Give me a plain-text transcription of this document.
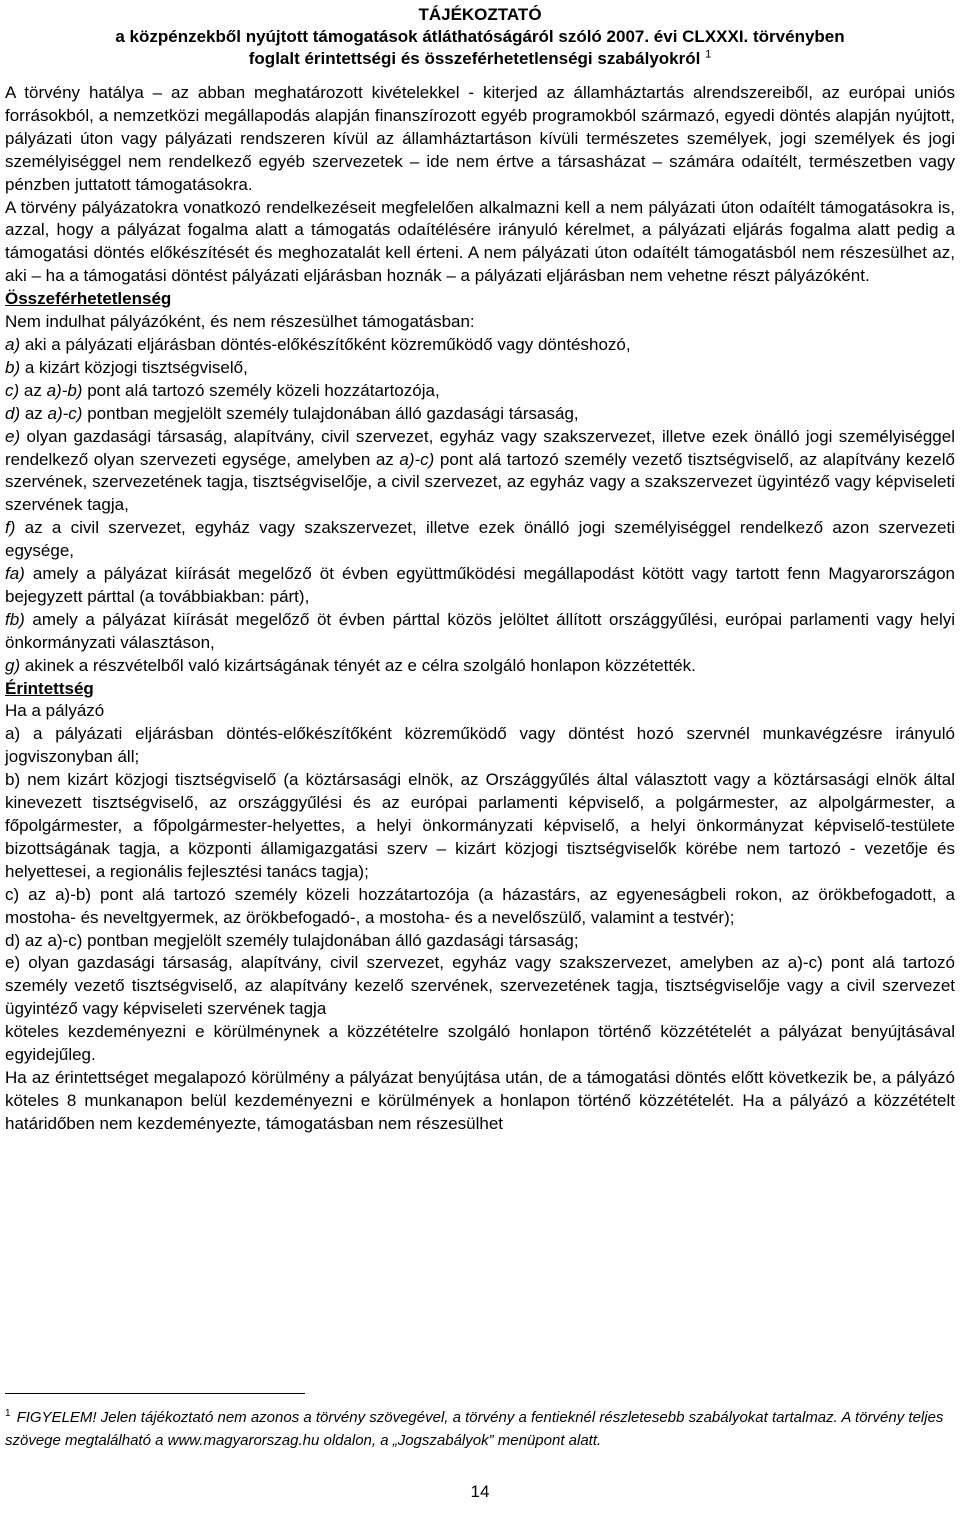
TÁJÉKOZTATÓ
a közpénzekből nyújtott támogatások átláthatóságáról szóló 2007. évi CLXXXI. törvényben
foglalt érintettségi és összeférhetetlenségi szabályokról $^1$

A törvény hatálya – az abban meghatározott kivételekkel - kiterjed az államháztartás alrendszereiből, az európai uniós forrásokból, a nemzetközi megállapodás alapján finanszírozott egyéb programokból származó, egyedi döntés alapján nyújtott, pályázati úton vagy pályázati rendszeren kívül az államháztartáson kívüli természetes személyek, jogi személyek és jogi személyiséggel nem rendelkező egyéb szervezetek – ide nem értve a társasházat – számára odaítélt, természetben vagy pénzben juttatott támogatásokra.

A törvény pályázatokra vonatkozó rendelkezéseit megfelelően alkalmazni kell a nem pályázati úton odaítélt támogatásokra is, azzal, hogy a pályázat fogalma alatt a támogatás odaítélésére irányuló kérelmet, a pályázati eljárás fogalma alatt pedig a támogatási döntés előkészítését és meghozatalát kell érteni. A nem pályázati úton odaítélt támogatásból nem részesülhet az, aki – ha a támogatási döntést pályázati eljárásban hoznák – a pályázati eljárásban nem vehetne részt pályázóként.

Összeférhetetlenség

Nem indulhat pályázóként, és nem részesülhet támogatásban:

a) aki a pályázati eljárásban döntés-előkészítőként közreműködő vagy döntéshozó,

b) a kizárt közjogi tisztségviselő,

c) az a)-b) pont alá tartozó személy közeli hozzátartozója,

d) az a)-c) pontban megjelölt személy tulajdonában álló gazdasági társaság,

e) olyan gazdasági társaság, alapítvány, civil szervezet, egyház vagy szakszervezet, illetve ezek önálló jogi személyiséggel rendelkező olyan szervezeti egysége, amelyben az a)-c) pont alá tartozó személy vezető tisztségviselő, az alapítvány kezelő szervének, szervezetének tagja, tisztségviselője, a civil szervezet, az egyház vagy a szakszervezet ügyintéző vagy képviseleti szervének tagja,

f) az a civil szervezet, egyház vagy szakszervezet, illetve ezek önálló jogi személyiséggel rendelkező azon szervezeti egysége,

fa) amely a pályázat kiírását megelőző öt évben együttműködési megállapodást kötött vagy tartott fenn Magyarországon bejegyzett párttal (a továbbiakban: párt),

fb) amely a pályázat kiírását megelőző öt évben párttal közös jelöltet állított országgyűlési, európai parlamenti vagy helyi önkormányzati választáson,

g) akinek a részvételből való kizártságának tényét az e célra szolgáló honlapon közzétették.

Érintettség

Ha a pályázó

a) a pályázati eljárásban döntés-előkészítőként közreműködő vagy döntést hozó szervnél munkavégzésre irányuló jogviszonyban áll;

b) nem kizárt közjogi tisztségviselő (a köztársasági elnök, az Országgyűlés által választott vagy a köztársasági elnök által kinevezett tisztségviselő, az országgyűlési és az európai parlamenti képviselő, a polgármester, az alpolgármester, a főpolgármester, a főpolgármester-helyettes, a helyi önkormányzati képviselő, a helyi önkormányzat képviselő-testülete bizottságának tagja, a központi államigazgatási szerv – kizárt közjogi tisztségviselők körébe nem tartozó - vezetője és helyettesei, a regionális fejlesztési tanács tagja);

c) az a)-b) pont alá tartozó személy közeli hozzátartozója (a házastárs, az egyeneságbeli rokon, az örökbefogadott, a mostoha- és neveltgyermek, az örökbefogadó-, a mostoha- és a nevelőszülő, valamint a testvér);

d) az a)-c) pontban megjelölt személy tulajdonában álló gazdasági társaság;

e) olyan gazdasági társaság, alapítvány, civil szervezet, egyház vagy szakszervezet, amelyben az a)-c) pont alá tartozó személy vezető tisztségviselő, az alapítvány kezelő szervének, szervezetének tagja, tisztségviselője vagy a civil szervezet ügyintéző vagy képviseleti szervének tagja

köteles kezdeményezni e körülménynek a közzétételre szolgáló honlapon történő közzétételét a pályázat benyújtásával egyidejűleg.

Ha az érintettséget megalapozó körülmény a pályázat benyújtása után, de a támogatási döntés előtt következik be, a pályázó köteles 8 munkanapon belül kezdeményezni e körülmények a honlapon történő közzétételét. Ha a pályázó a közzétételt határidőben nem kezdeményezte, támogatásban nem részesülhet

$^1$ FIGYELEM! Jelen tájékoztató nem azonos a törvény szövegével, a törvény a fentieknél részletesebb szabályokat tartalmaz. A törvény teljes szövege megtalálható a www.magyarorszag.hu oldalon, a „Jogszabályok” menüpont alatt.
14
